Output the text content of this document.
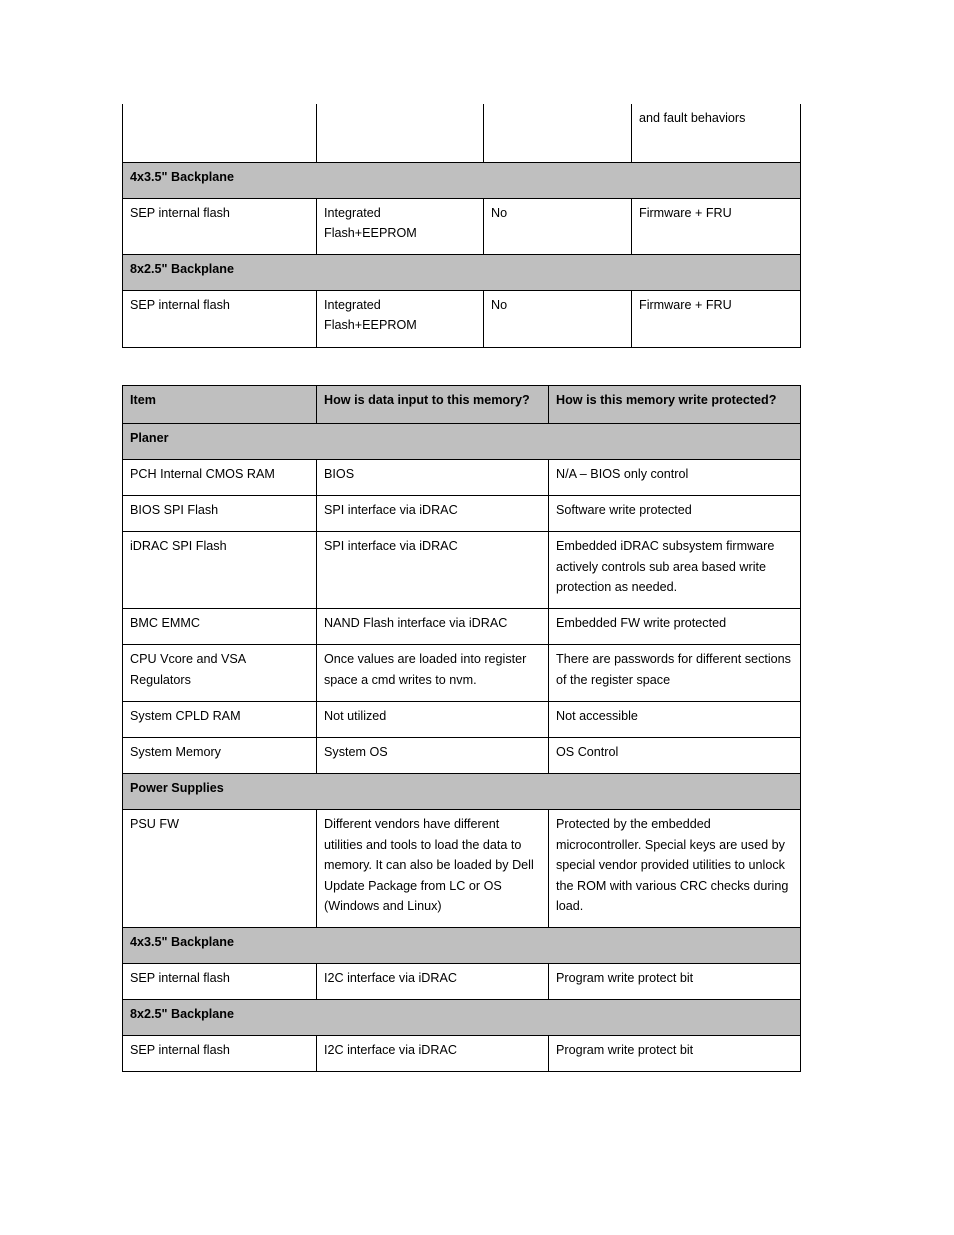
			and fault behaviors
4x3.5" Backplane			
SEP internal flash	Integrated Flash+EEPROM	No	Firmware + FRU
8x2.5" Backplane			
SEP internal flash	Integrated Flash+EEPROM	No	Firmware + FRU
Item	How is data input to this memory?	How is this memory write protected?
Planer		
PCH Internal CMOS RAM	BIOS	N/A – BIOS only control
BIOS SPI Flash	SPI interface via iDRAC	Software write protected
iDRAC SPI Flash	SPI interface via iDRAC	Embedded iDRAC subsystem firmware actively controls sub area based write protection as needed.
BMC EMMC	NAND Flash interface via iDRAC	Embedded FW write protected
CPU Vcore and VSA Regulators	Once values are loaded into register space a cmd writes to nvm.	There are passwords for different sections of the register space
System CPLD RAM	Not utilized	Not accessible
System Memory	System OS	OS Control
Power Supplies		
PSU FW	Different vendors have different utilities and tools to load the data to memory. It can also be loaded by Dell Update Package from LC or OS (Windows and Linux)	Protected by the embedded microcontroller. Special keys are used by special vendor provided utilities to unlock the ROM with various CRC checks during load.
4x3.5" Backplane		
SEP internal flash	I2C interface via iDRAC	Program write protect bit
8x2.5" Backplane		
SEP internal flash	I2C interface via iDRAC	Program write protect bit
